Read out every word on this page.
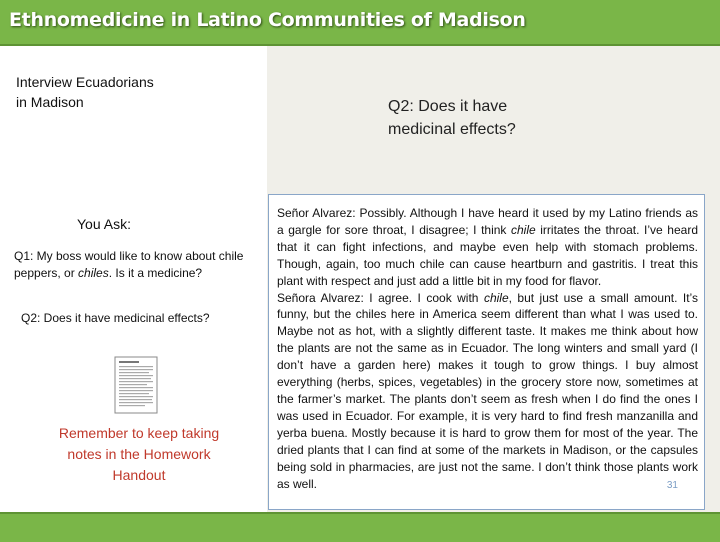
Ethnomedicine in Latino Communities of Madison
Interview Ecuadorians
in Madison
You Ask:
Q1: My boss would like to know about chile peppers, or chiles. Is it a medicine?
Q2: Does it have medicinal effects?
Remember to keep taking notes in the Homework Handout
Q2: Does it have
medicinal effects?

Señor Alvarez: Possibly. Although I have heard it used by my Latino friends as a gargle for sore throat, I disagree; I think chile irritates the throat. I’ve heard that it can fight infections, and maybe even help with stomach problems. Though, again, too much chile can cause heartburn and gastritis. I treat this plant with respect and just add a little bit in my food for flavor.

Señora Alvarez: I agree. I cook with chile, but just use a small amount. It’s funny, but the chiles here in America seem different than what I was used to. Maybe not as hot, with a slightly different taste. It makes me think about how the plants are not the same as in Ecuador. The long winters and small yard (I don’t have a garden here) makes it tough to grow things. I buy almost everything (herbs, spices, vegetables) in the grocery store now, sometimes at the farmer’s market. The plants don’t seem as fresh when I do find the ones I was used in Ecuador. For example, it is very hard to find fresh manzanilla and yerba buena. Mostly because it is hard to grow them for most of the year. The dried plants that I can find at some of the markets in Madison, or the capsules being sold in pharmacies, are just not the same. I don’t think those plants work as well.	31
